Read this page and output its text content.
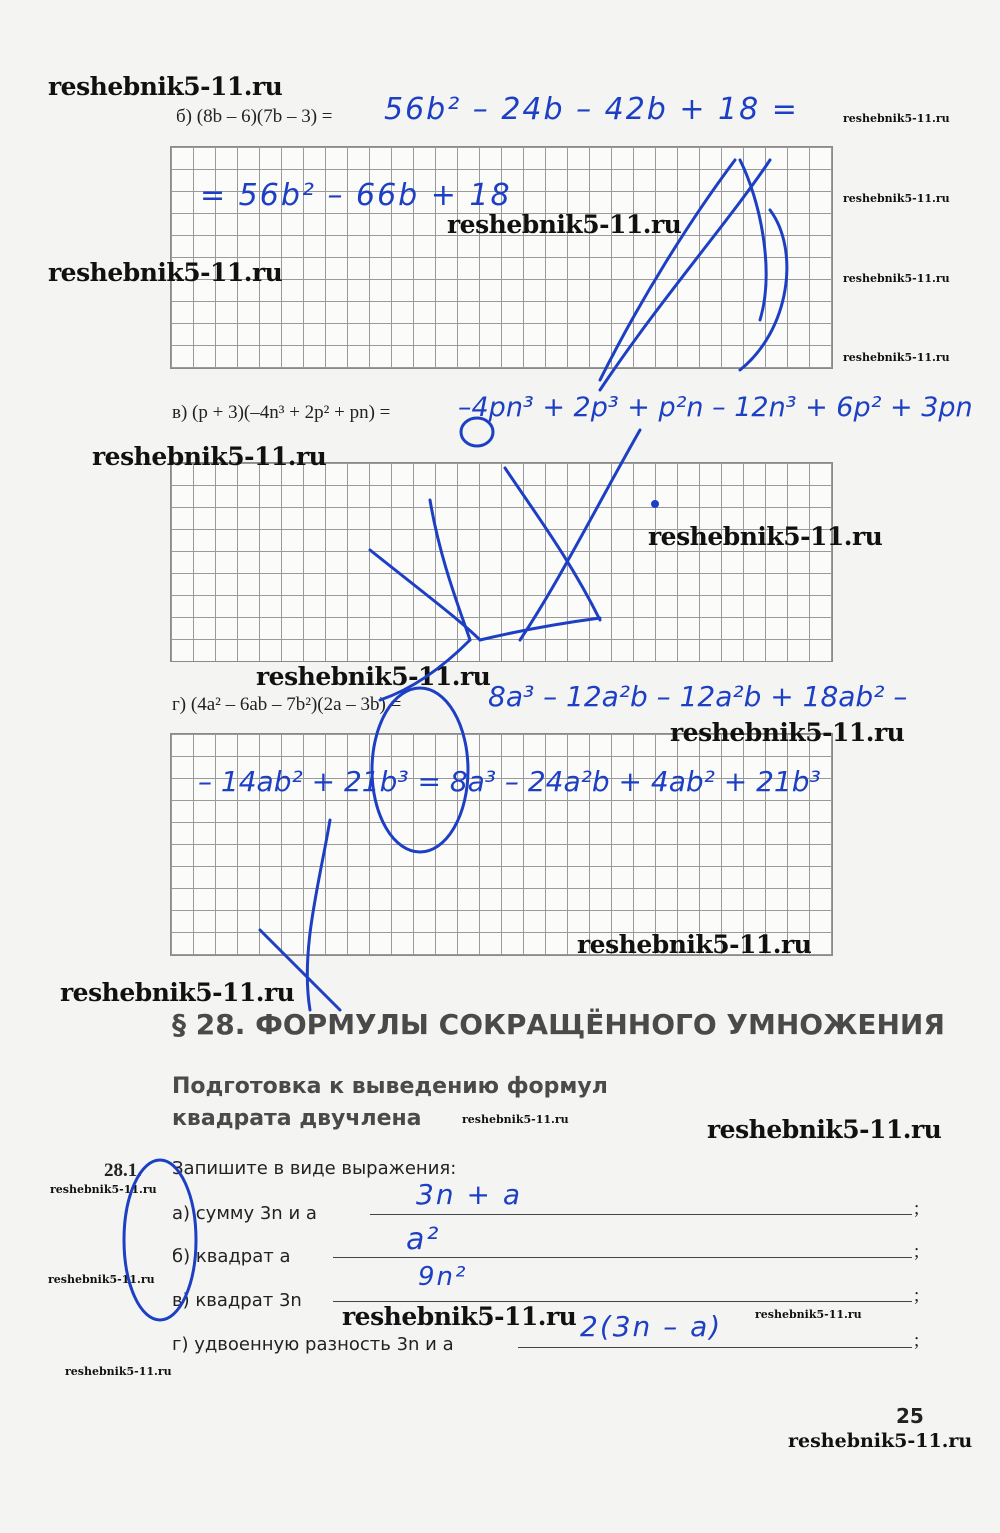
reshebnik5-11.ru
reshebnik5-11.ru
reshebnik5-11.ru
reshebnik5-11.ru
reshebnik5-11.ru	reshebnik5-11.ru
reshebnik5-11.ru
reshebnik5-11.ru
reshebnik5-11.ru
reshebnik5-11.ru
reshebnik5-11.ru
reshebnik5-11.ru
reshebnik5-11.ru
reshebnik5-11.ru	reshebnik5-11.ru
reshebnik5-11.ru
reshebnik5-11.ru
reshebnik5-11.ru	reshebnik5-11.ru
reshebnik5-11.ru
reshebnik5-11.ru
б) (8b – 6)(7b – 3) = 56b² – 24b – 42b + 18 =
= 56b² – 66b + 18
в) (p + 3)(–4n³ + 2p² + pn) =	–4pn³ + 2p³ + p²n – 12n³ + 6p² + 3pn
г) (4a² – 6ab – 7b²)(2a – 3b) =	8a³ – 12a²b – 12a²b + 18ab² –
– 14ab² + 21b³ = 8a³ – 24a²b + 4ab² + 21b³
§ 28. ФОРМУЛЫ СОКРАЩЁННОГО УМНОЖЕНИЯ
Подготовка к выведению формул
квадрата двучлена
28.1. Запишите в виде выражения:
а) сумму 3n и a	;
3n + a
б) квадрат a	;
a²
в) квадрат 3n	;
9n²
г) удвоенную разность 3n и a	;
2(3n – a)
25
